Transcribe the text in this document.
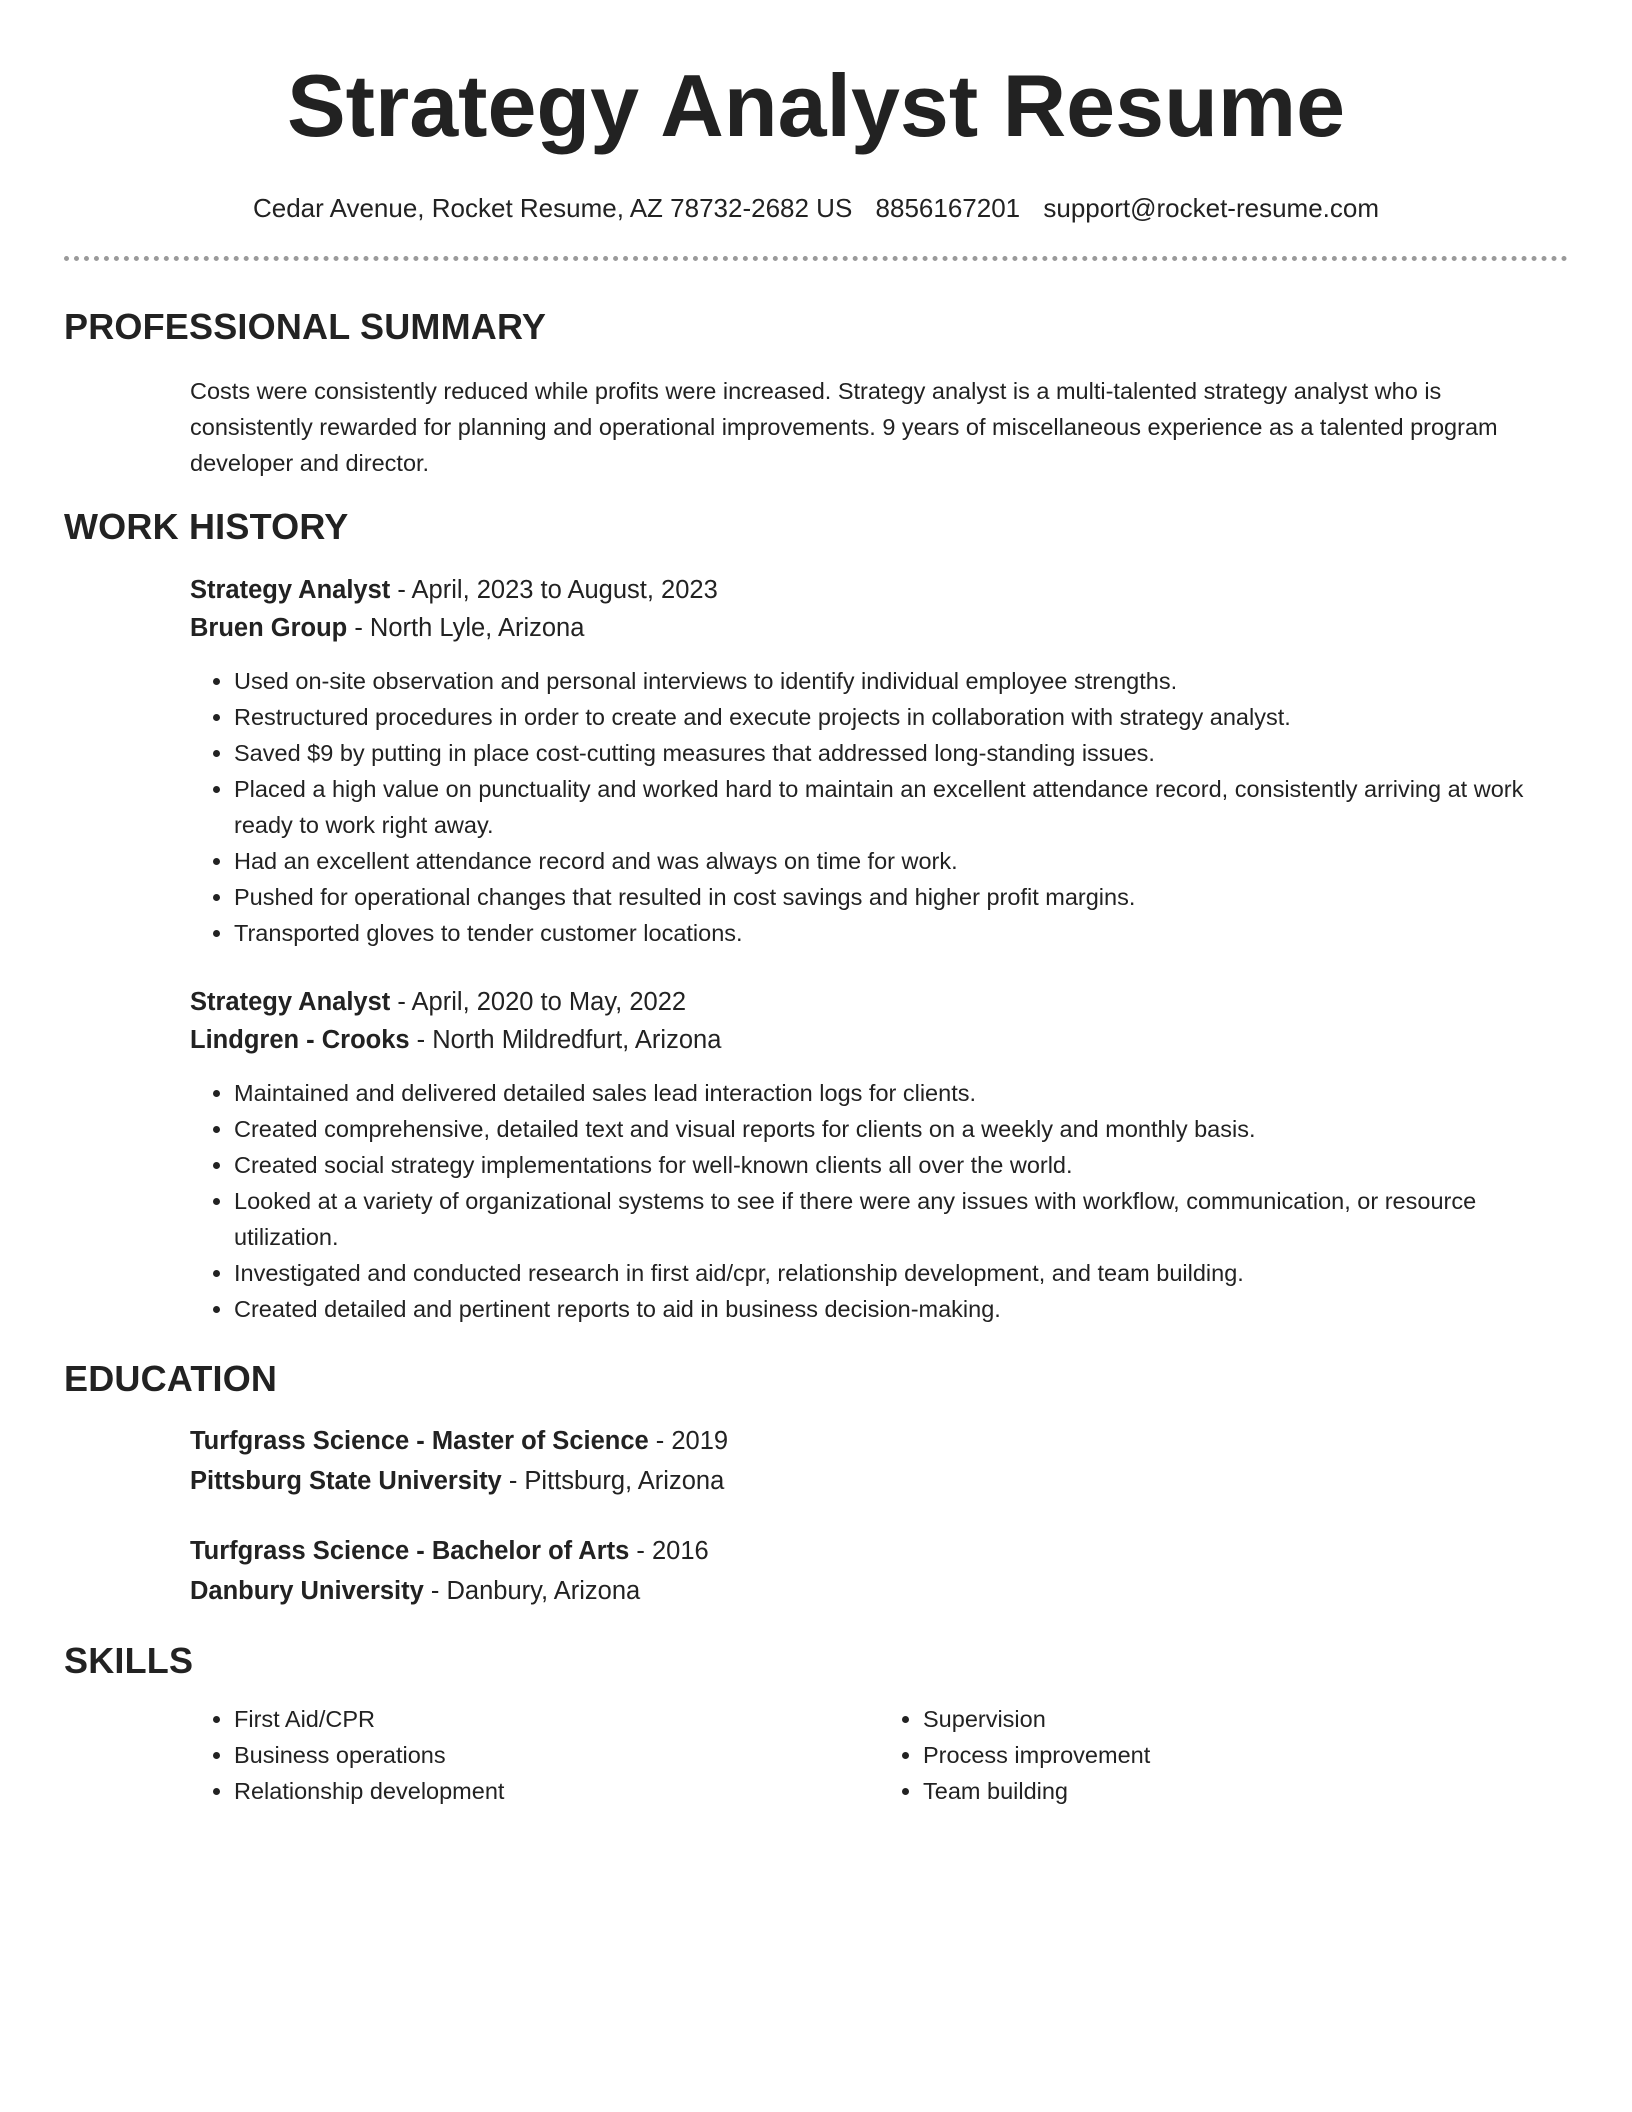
Strategy Analyst Resume
Cedar Avenue, Rocket Resume, AZ 78732-2682 US 8856167201 support@rocket-resume.com
PROFESSIONAL SUMMARY

Costs were consistently reduced while profits were increased. Strategy analyst is a multi-talented strategy analyst who is consistently rewarded for planning and operational improvements. 9 years of miscellaneous experience as a talented program developer and director.

WORK HISTORY
Strategy Analyst - April, 2023 to August, 2023
Bruen Group - North Lyle, Arizona
• Used on-site observation and personal interviews to identify individual employee strengths.
• Restructured procedures in order to create and execute projects in collaboration with strategy analyst.
• Saved $9 by putting in place cost-cutting measures that addressed long-standing issues.
• Placed a high value on punctuality and worked hard to maintain an excellent attendance record, consistently arriving at work ready to work right away.
• Had an excellent attendance record and was always on time for work.
• Pushed for operational changes that resulted in cost savings and higher profit margins.
• Transported gloves to tender customer locations.
Strategy Analyst - April, 2020 to May, 2022
Lindgren - Crooks - North Mildredfurt, Arizona
• Maintained and delivered detailed sales lead interaction logs for clients.
• Created comprehensive, detailed text and visual reports for clients on a weekly and monthly basis.
• Created social strategy implementations for well-known clients all over the world.
• Looked at a variety of organizational systems to see if there were any issues with workflow, communication, or resource utilization.
• Investigated and conducted research in first aid/cpr, relationship development, and team building.
• Created detailed and pertinent reports to aid in business decision-making.
EDUCATION
Turfgrass Science - Master of Science - 2019
Pittsburg State University - Pittsburg, Arizona
Turfgrass Science - Bachelor of Arts - 2016
Danbury University - Danbury, Arizona
SKILLS
• First Aid/CPR
• Business operations
• Relationship development
• Supervision
• Process improvement
• Team building
